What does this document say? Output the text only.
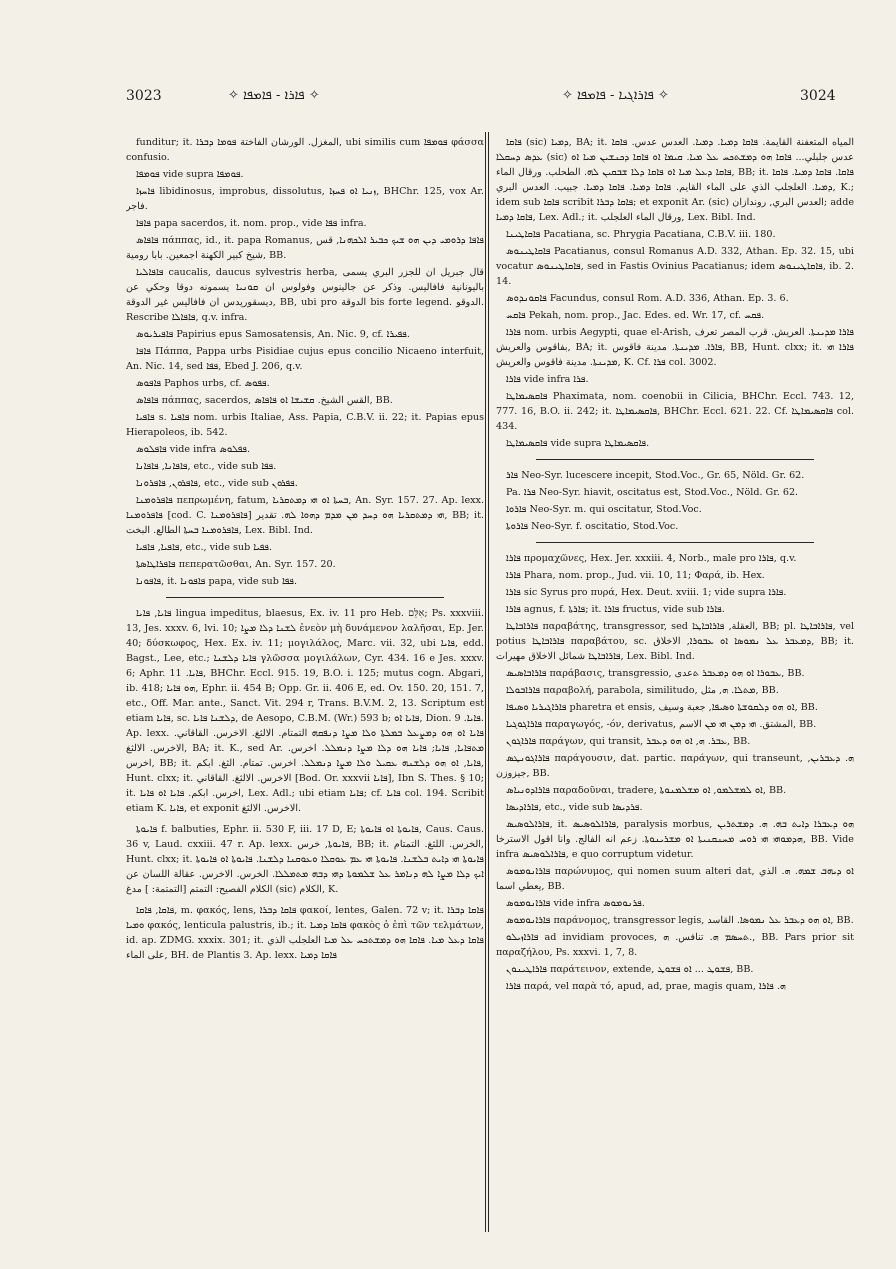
3023	✧ ܦܐܪܐ - ܦܐܡܦܐ ✧	✧ ܦܐܪܐܓܝܐ - ܦܐܡܦܐ ✧	3024

funditur; it. المغزل. الورشان الفاختة ܦܘܡܐ ܕܒܪܐ, ubi similis cum ܦܘܡܦܐ φάσσα confusio.

ܦܘܡܦܐ vide supra ܦܘܡܦܐ.

ܦܐܚܙܐ libidinosus, improbus, dissolutus, ܙܢܝܐ ܐܘ ܦܚܙܐ, BHChr. 125, vox Ar. فاجر.

ܦܐܦܐ papa sacerdos, it. nom. prop., vide ܦܦܐ infra.

ܦܐܦܐܣ πάππας, id., it. papa Romanus, ܦܐܦܐ ܕܪܘܡܝ ܕܝܢ ܗܘ ܫܝܟ ܟܒܝܪ ܐܠܟܗܢܐ, قس شيخ كبير الكهنة اجمعين. بابا رومية, BB.

ܦܐܦܐܠܝܐ caucalis, daucus sylvestris herba, قال جبريل ان للجزر البري يسمى باليونانية فافاليس. وذكر عن جالينوس وفولوس ان ܩܘܢܝܐ يسمونه دوقا وحكي عن ديسقوريدس ان فافاليس غير الدوقة, BB, ubi pro الدوقة bis forte legend. الدوقو. Rescribe ܦܐܦܐܠܐ, q.v. infra.

ܦܐܦܝܪܝܘܣ Papirius epus Samosatensis, An. Nic. 9, cf. ܦܦܝܪܐ.

ܦܐܦܐ Πάππα, Pappa urbs Pisidiae cujus epus concilio Nicaeno interfuit, An. Nic. 14, sed ܦܦܐ, Ebed J. 206, q.v.

ܦܐܦܘܣ Paphos urbs, cf. ܦܦܘܣ.

ܦܐܦܐܣ πάππας, sacerdos, القس الشيخ. ܩܫܝܫܐ ܐܘ ܦܐܦܐܣ, BB.

ܦܐܦܝܐ s. ܦܐܦܝܐ nom. urbis Italiae, Ass. Papia, C.B.V. ii. 22; it. Papias epus Hierapoleos, ib. 542.

ܦܐܦܠܘܣ vide infra ܦܦܠܘܣ.

ܦܐܦܐܢܐ, ܦܐܦܐܢܐ, etc., vide sub ܦܦܐ.

ܦܐܦܪܘܢ, ܦܐܦܪܘܢܐ, etc., vide sub ܦܦܪܘܢ.

ܦܐܦܪܘܡܢܐ πεπρωμένη, fatum, ܒܚܬܐ ܐܘ ܗܝ ܕܡܬܩܪܝܐ, An. Syr. 157. 27. Ap. lexx. ܦܐܦܪܘܡܢܐ [cod. C. ܦܐܦܪܘܡܢܐ] ܗܝ ܕܡܬܩܪܝܐ ܗܘ ܕܚܕ ܡܢ ܡܕܡ ܕܗܘܐ ܠܗ. تقدير, BB; it. ܦܐܦܪܘܡܢܐ ܒܚܬܐ الطالع. البخت, Lex. Bibl. Ind.

ܦܐܦܝܐ, ܦܐܦܝܐ, etc., vide sub ܦܦܝܐ.

ܦܐܦܪܐܛܐܣܬܐ πεπερατῶσθαι, An. Syr. 157. 20.

ܦܐܦܘܢܐ, it. ܦܐܦܘܢܐ papa, vide sub ܦܦܐ.

ܦܐܝܐ, ܦܐܝܐ lingua impeditus, blaesus, Ex. iv. 11 pro Heb. אִלֵּם; Ps. xxxviii. 13, Jes. xxxv. 6, lvi. 10; ܠܫܢܐ ܕܠܐ ܡܨܐ ἐνεὸν μὴ δυνάμενον λαλῆσαι, Ep. Jer. 40; δύσκωφος, Hex. Ex. iv. 11; μογιλάλος, Marc. vii. 32, ubi ܦܐܝܐ, edd. Bagst., Lee, etc.; ܦܐܝܐ ܕܠܫܢܐ γλῶσσα μογιλάλων, Cyr. 434. 16 e Jes. xxxv. 6; Aphr. ܦܐܝܐ. 11, BHChr. Eccl. 915. 19, B.O. i. 125; mutus cogn. Abgari, ib. 418; ܗܘ ܦܐܝܐ, Ephr. ii. 454 B; Opp. Gr. ii. 406 E, ed. Ov. 150. 20, 151. 7, etc., Off. Mar. ante., Sanct. Vit. 294 r, Trans. B.V.M. 2, 13. Scriptum est etiam ܦܐܝܐ, sc. ܕܠܫܢܐ ܦܐܝܐ, de Aesopo, C.B.M. (Wr.) 593 b; ܦܐܝܐ ܐܘ, Dion. ܦܐܝܐ. 9. Ap. lexx. ܦܐܝܐ ܐܘ ܗܘ ܕܡܨܥܠ ܒܡܠܬܐ ܘܠܐ ܡܨܐ ܕܢܦܩܗ التمتام. الالثغ. الاخرس. القاقاني. الاخرس. الالثغ, BA; it. K., sed Ar. ܡܬܦܐܝܐ, ܦܐܝܐ; ܦܐܝܐ ܗܘ ܕܠܐ ܡܨܐ ܕܢܡܠܠ. اخرس. اخرس, BB; it. ܦܐܝܐ, ܐܘ ܗܘ ܕܠܫܢܗ ܥܩܝܠ ܘܠܐ ܡܨܐ ܕܢܡܠܠ. اخرس. تمتام. الثغ. ابكم, Hunt. clxx; it. الاخرس. الالثغ. القاقاني [Bod. Or. xxxvii ܦܐܝܐ], Ibn S. Thes. § 10; it. اخرس. ابكم. ܦܐܝܐ ܐܘ ܦܐܝܐ, Lex. Adl.; ubi etiam ܦܐܝܐ; cf. ܦܐܝܐ col. 194. Scribit etiam K. ܦܐܝܐ, et exponit الاخرس. الالثغ.

ܦܐܝܘܬܐ f. balbuties, Ephr. ii. 530 F, iii. 17 D, E; ܦܐܝܘܬܐ ܐܘ ܦܐܝܘܬܐ, Caus. Caus. 36 v, Laud. cxxiii. 47 r. Ap. lexx. ܦܐܝܘܬܐ, خرس, BB; it. الخرس. اللثغ. التمتام, Hunt. clxx; it. ܦܐܝܘܬܐ ܗܝ ܕܐܝܬ ܒܠܫܢܐ. ܦܐܝܘܬܐ ܗܝ ܥܡ ܥܘܩܠܐ ܘܥܘܩܢܐ ܕܠܫܢܐ. ܦܐܝܘܬܐ ܐܘ ܦܐܝܘܬܐ ܐܝܟ ܕܠܐ ܡܨܐ ܠܗ ܕܢܐܡܪ ܥܠ ܫܠܡܘܬܐ ܕܗܝ ܕܒܗ ܡܬܡܠܠܐ. الخرس. الاخرس. عقالة اللسان عن الكلام الفصيح: التمتم [التمتمة: ] مدغ (sic) الكلام, K.

ܦܐܩܐ, ܦܐܩܐ, m. φακός, lens, ܦܐܩܐ ܕܒܪܐ φακοί, lentes, Galen. 72 v; it. ܦܐܩܐ ܕܒܪܐ ܘܡܝܐ φακός, lenticula palustris, ib.; it. ܦܐܩܐ ܕܡܝܐ φακὸς ὁ ἐπὶ τῶν τελμάτων, id. ap. ZDMG. xxxix. 301; it. ܦܐܩܐ ܕܥܠ ܡܝܐ. ܦܐܩܐ ܗܘ ܕܡܫܬܟܚ ܥܠ ܡܝܐ العلجلب الذي على الماء, BH. de Plantis 3. Ap. lexx. ܦܐܩܐ ܕܡܝܐ

ܦܐܩܐ (sic) ܕܡܝܐ, BA; it. المياه المتعفنة القايمة. ܦܐܩܐ ܕܡܝܐ. ܕܡܝܐ. العدس عدس. ܦܐܩܐ ܥܕܣ ܕܚܩܠܐ (sic) عدس جلبلي... ܦܐܩܐ ܗܘ ܕܡܫܬܟܚ ܥܠ ܡܝܐ. ܩܝܡܐ ܐܘ ܦܐܩܐ ܕܟܢܫܝܢ ܡܝܐ ܐܘ ܦܐܩܐ ܕܥܠ ܡܝܐ ܐܘ ܦܐܩܐ ܕܠܐ ܫܒܩܝܢ ܠܗ. الطحلب. ورقال الماء, BB; it. ܦܐܩܐ. ܦܐܩܐ ܕܡܝܐ. ܦܐܩܐ ܕܡܝܐ. العلجلب الذي على الماء القايم. ܦܐܩܐ ܕܡܝܐ. ܦܐܩܐ ܕܡܝܐ. جبيب. العدس البري, K.; idem sub ܦܐܩܐ scribit ܦܐܩܐ ܕܒܪܐ; et exponit Ar. (sic) العدس البري, روندازان; adde ܦܐܩܐ ܕܡܝܐ, Lex. Adl.; it. ورقال الماء العلجلب, Lex. Bibl. Ind.

ܦܐܩܐܛܝܢܐ Pacatiana, sc. Phrygia Pacatiana, C.B.V. iii. 180.

ܦܐܩܐܛܝܢܘܣ Pacatianus, consul Romanus A.D. 332, Athan. Ep. 32. 15, ubi vocatur ܦܐܩܐܛܝܢܘܣ, sed in Fastis Ovinius Pacatianus; idem ܦܐܩܐܛܝܢܘܣ, ib. 2. 14.

ܦܐܩܘܢܕܘܣ Facundus, consul Rom. A.D. 336, Athan. Ep. 3. 6.

ܦܐܩܚ Pekah, nom. prop., Jac. Edes. ed. Wr. 17, cf. ܦܩܚ.

ܦܐܪܐ nom. urbis Aegypti, quae el-Arish, ܦܐܪܐ ܡܕܝܢܬܐ. العريش. قرب المصر تعرف بفاقوس والعريش, BA; it. ܦܐܪܐ. ܡܕܝܢܬܐ. مدينة فاقوس, BB, Hunt. clxx; it. ܦܐܪܐ ܗܝ ܡܕܝܢܬܐ. مدينة فاقوس والعريش, K. Cf. ܦܪܐ col. 3002.

ܦܐܪܐ vide infra ܦܪܐ.

ܦܐܩܣܝܡܐܛܐ Phaximata, nom. coenobii in Cilicia, BHChr. Eccl. 743. 12, 777. 16, B.O. ii. 242; it. ܦܐܩܣܝܡܐܛܐ, BHChr. Eccl. 621. 22. Cf. ܦܐܩܣܝܡܐܛܐ col. 434.

ܦܐܩܣܝܡܐܛܐ vide supra ܦܐܩܣܝܡܐܛܐ.

ܦܐܪ Neo-Syr. lucescere incepit, Stod.Voc., Gr. 65, Nöld. Gr. 62.

Pa. ܦܪܐ Neo-Syr. hiavit, oscitatus est, Stod.Voc., Nöld. Gr. 62.

ܦܐܪܘܐ Neo-Syr. m. qui oscitatur, Stod.Voc.

ܦܐܪܘܬܐ Neo-Syr. f. oscitatio, Stod.Voc.

ܦܐܪܐ προμαχῶνες, Hex. Jer. xxxiii. 4, Norb., male pro ܦܐܪܐ, q.v.

ܦܐܪܐ Phara, nom. prop., Jud. vii. 10, 11; Φαρά, ib. Hex.

ܦܐܪܐ sic Syrus pro πυρά, Hex. Deut. xviii. 1; vide supra ܦܐܪܐ.

ܦܐܪܐ agnus, f. ܦܐܪܬܐ; it. ܦܐܪܐ fructus, vide sub ܦܐܪܐ.

ܦܐܪܐܒܐܛܐ παραβάτης, transgressor, sed العقلة, ܦܐܪܐܒܐܛܐ, BB; pl. ܦܐܪܐܒܐܛܐ, vel potius ܦܐܪܐܒܐܛܐ παραβάτου, sc. ܕܡܥܒܪ ܥܠ ܢܡܘܣܐ ܐܘ ܥܒܘܪܐ, الاخلاق, BB; it. ܦܐܪܐܒܐܛܐ شمائل الاخلاق مهيرات, Lex. Bibl. Ind.

ܦܐܪܐܒܐܣܝܣ παράβασις, transgressio, ܥܒܘܪܐ ܐܘ ܗܘ ܕܡܥܒܪ ܬعدى, BB.

ܦܐܪܐܒܘܠܐ παραβολή, parabola, similitudo, ܡܬܠܐ. ܗ, مثل, BB.

ܦܐܪܐܓܝܪܝܐ ܘܣܝܦܐ pharetra et ensis, ܐܘ ܗܘ ܕܠܩܘܫܬܐ ܘܣܝܦܐ, جعبة وسيف, BB.

ܦܐܪܐܓܘܓܝܐ παραγωγός, -όν, derivatus, المشتق. ܗܝ ܕܡܢ ܗܝ ܡܢ الاسم, BB.

ܦܐܪܐܓܘܢ παράγων, qui transit, ܥܒܪ. ܗ, ܐܘ ܗܘ ܕܥܒܪ, BB.

ܦܐܪܐܓܘܢܛܣ παράγουσιν, dat. partic. παράγων, qui transeunt, ܗ. ܕܥܒܪܝܢ, جيزوزن, BB.

ܦܐܪܐܕܘܢܝܐܣ παραδοῦναι, tradere, ܐܘ ܠܡܫܠܡܘ, ܐܘ ܡܫܠܡܢܘܬܐ, BB.

ܦܐܪܐܕܝܣܐ, etc., vide sub ܦܪܕܝܣܐ.

ܦܐܪܐܠܘܣܝܣ, it. ܦܐܪܐܠܘܣܝܣ, paralysis morbus, ܗܘ ܕܥܒܪܐ ܕܐܝܬ ܒܗ. ܗ. ܕܡܫܬܪܝܢ ܗܕܡܘܗܝ ܗܝ ܪܘܚ ܡܚܢܩܢܝܬܐ ܐܘ ܡܫܪܝܢܘܬܐ. زعم انه الفالج. وانا اقول الاسترخا, BB. Vide infra ܦܐܪܐܠܘܣܝܣ, e quo corruptum videtur.

ܦܐܪܐܢܘܡܘܣ παρώνυμος, qui nomen suum alteri dat, ܐܘ ܕܝܗܒ ܫܡܗ. ܗ. الذي يعطي اسما, BB.

ܦܐܪܐܢܘܡܘܣ vide infra ܦܪܢܘܡܘܣ.

ܦܐܪܐܢܘܡܘܣ παράνομος, transgressor legis, ܐܘ ܗܘ ܕܥܒܪ ܥܠ ܢܡܘܣܐ. القاسد, BB.

ܦܐܪܐܙܝܠܘ ad invidiam provoces, ܬܚܣܡ ܗ. تنافس. ܗ., BB. Pars prior sit παραζήλου, Ps. xxxvi. 1, 7, 8.

ܦܐܪܐܛܝܢܘܢ παράτεινον, extende, ܦܫܘܛ ... ܐܘ ܦܫܘܛ, BB.

ܦܐܪܐ παρά, vel παρὰ τό, apud, ad, prae, magis quam, ܗ. ܦܐܪܐ
